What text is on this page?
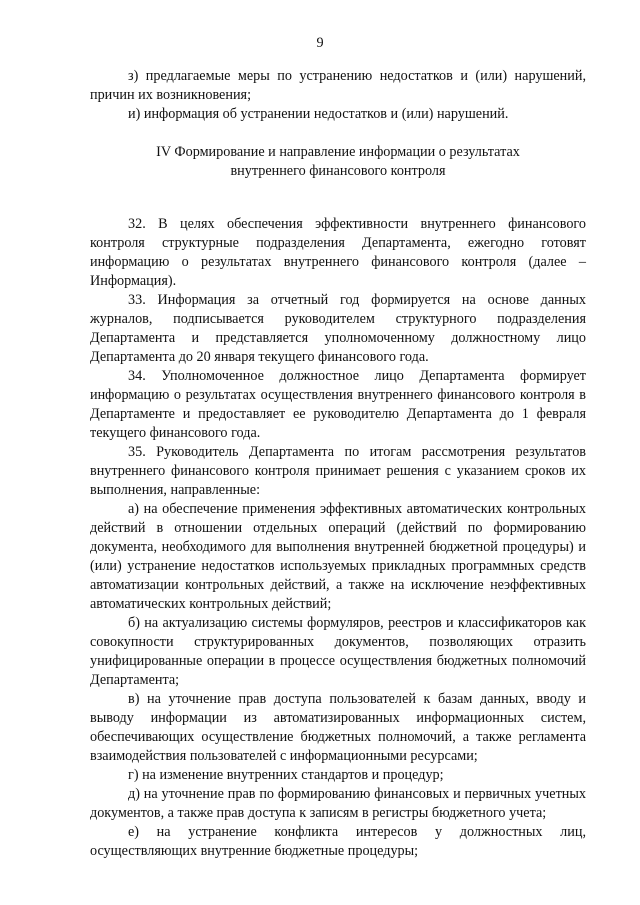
9

з) предлагаемые меры по устранению недостатков и (или) нарушений, причин их возникновения;

и) информация об устранении недостатков и (или) нарушений.

IV Формирование и направление информации о результатах
внутреннего финансового контроля

32. В целях обеспечения эффективности внутреннего финансового контроля структурные подразделения Департамента, ежегодно готовят информацию о результатах внутреннего финансового контроля (далее – Информация).

33. Информация за отчетный год формируется на основе данных журналов, подписывается руководителем структурного подразделения Департамента и представляется уполномоченному должностному лицо Департамента до 20 января текущего финансового года.

34. Уполномоченное должностное лицо Департамента формирует информацию о результатах осуществления внутреннего финансового контроля в Департаменте и предоставляет ее руководителю Департамента до 1 февраля текущего финансового года.

35. Руководитель Департамента по итогам рассмотрения результатов внутреннего финансового контроля принимает решения с указанием сроков их выполнения, направленные:

а) на обеспечение применения эффективных автоматических контрольных действий в отношении отдельных операций (действий по формированию документа, необходимого для выполнения внутренней бюджетной процедуры) и (или) устранение недостатков используемых прикладных программных средств автоматизации контрольных действий, а также на исключение неэффективных автоматических контрольных действий;

б) на актуализацию системы формуляров, реестров и классификаторов как совокупности структурированных документов, позволяющих отразить унифицированные операции в процессе осуществления бюджетных полномочий Департамента;

в) на уточнение прав доступа пользователей к базам данных, вводу и выводу информации из автоматизированных информационных систем, обеспечивающих осуществление бюджетных полномочий, а также регламента взаимодействия пользователей с информационными ресурсами;

г) на изменение внутренних стандартов и процедур;

д) на уточнение прав по формированию финансовых и первичных учетных документов, а также прав доступа к записям в регистры бюджетного учета;

е) на устранение конфликта интересов у должностных лиц, осуществляющих внутренние бюджетные процедуры;
